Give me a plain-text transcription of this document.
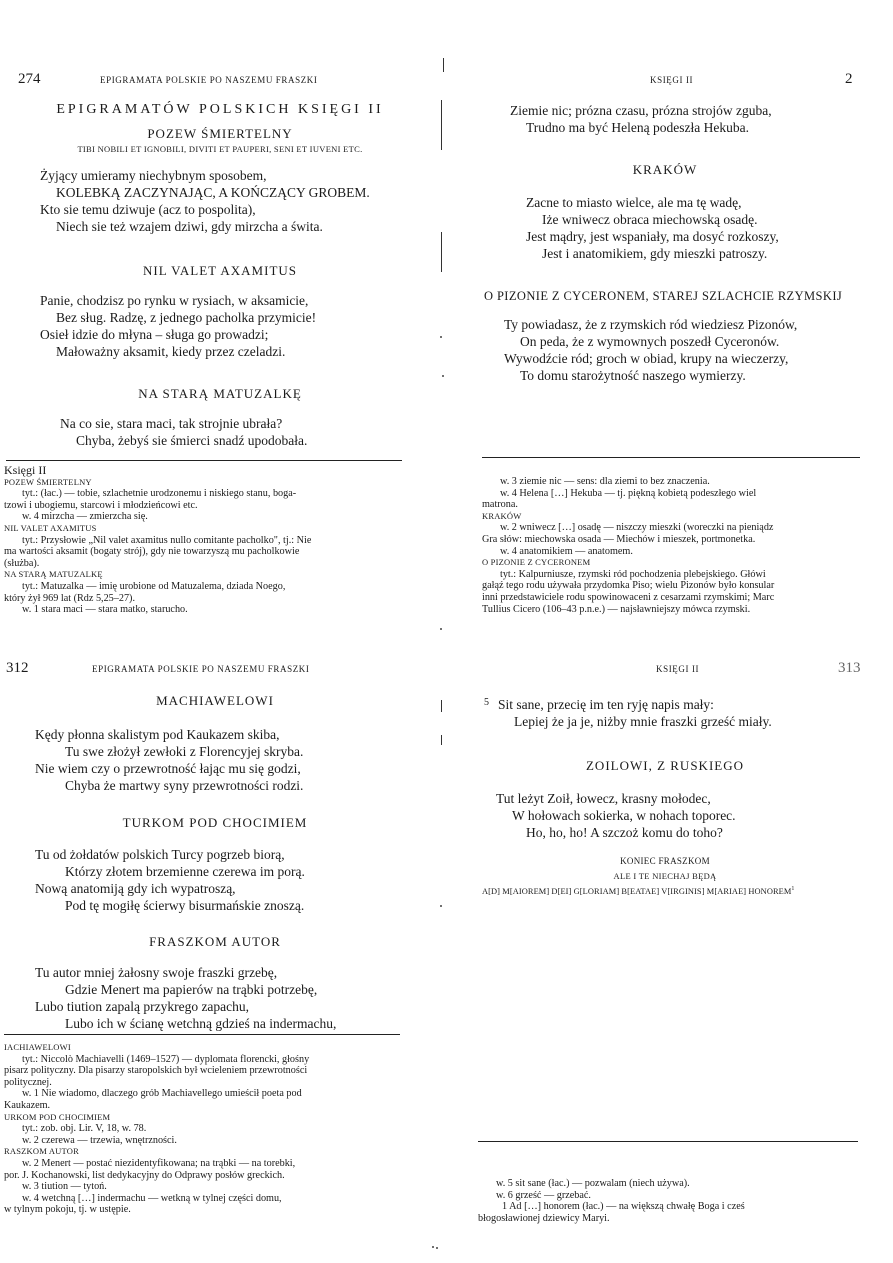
274	EPIGRAMATA POLSKIE PO NASZEMU FRASZKI
EPIGRAMATÓW POLSKICH KSIĘGI II
POZEW ŚMIERTELNY
TIBI NOBILI ET IGNOBILI, DIVITI ET PAUPERI, SENI ET IUVENI ETC.
Żyjący umieramy niechybnym sposobem,
KOLEBKĄ ZACZYNAJĄC, A KOŃCZĄCY GROBEM.
Kto sie temu dziwuje (acz to pospolita),
Niech sie też wzajem dziwi, gdy mirzcha a świta.
NIL VALET AXAMITUS
Panie, chodzisz po rynku w rysiach, w aksamicie,
Bez sług. Radzę, z jednego pacholka przymicie!
Osieł idzie do młyna – sługa go prowadzi;
Małoważny aksamit, kiedy przez czeladzi.
NA STARĄ MATUZALKĘ
Na co sie, stara maci, tak strojnie ubrała?
Chyba, żebyś sie śmierci snadź upodobała.
Księgi II
POZEW ŚMIERTELNY
tyt.: (łac.) — tobie, szlachetnie urodzonemu i niskiego stanu, boga-
tzowi i ubogiemu, starcowi i młodzieńcowi etc.
w. 4 mirzcha — zmierzcha się.
NIL VALET AXAMITUS
tyt.: Przysłowie „Nil valet axamitus nullo comitante pacholko", tj.: Nie
ma wartości aksamit (bogaty strój), gdy nie towarzyszą mu pacholkowie
(służba).
NA STARĄ MATUZALKĘ
tyt.: Matuzalka — imię urobione od Matuzalema, dziada Noego,
który żył 969 lat (Rdz 5,25–27).
w. 1 stara maci — stara matko, starucho.
KSIĘGI II	2
Ziemie nic; prózna czasu, prózna strojów zguba,
Trudno ma być Heleną podeszła Hekuba.
KRAKÓW
Zacne to miasto wielce, ale ma tę wadę,
Iże wniwecz obraca miechowską osadę.
Jest mądry, jest wspaniały, ma dosyć rozkoszy,
Jest i anatomikiem, gdy mieszki patroszy.
O PIZONIE Z CYCERONEM, STAREJ SZLACHCIE RZYMSKIJ
Ty powiadasz, że z rzymskich ród wiedziesz Pizonów,
On peda, że z wymownych poszedł Cyceronów.
Wywodźcie ród; groch w obiad, krupy na wieczerzy,
To domu starożytność naszego wymierzy.
w. 3 ziemie nic — sens: dla ziemi to bez znaczenia.
w. 4 Helena […] Hekuba — tj. piękną kobietą podeszłego wiel
matrona.
KRAKÓW
w. 2 wniwecz […] osadę — niszczy mieszki (woreczki na pieniądz
Gra słów: miechowska osada — Miechów i mieszek, portmonetka.
w. 4 anatomikiem — anatomem.
O PIZONIE Z CYCERONEM
tyt.: Kalpurniusze, rzymski ród pochodzenia plebejskiego. Główi
gałąź tego rodu używała przydomka Piso; wielu Pizonów było konsular
inni przedstawiciele rodu spowinowaceni z cesarzami rzymskimi; Marc
Tullius Cicero (106–43 p.n.e.) — najsławniejszy mówca rzymski.
312	EPIGRAMATA POLSKIE PO NASZEMU FRASZKI
MACHIAWELOWI
Kędy płonna skalistym pod Kaukazem skiba,
Tu swe złożył zewłoki z Florencyjej skryba.
Nie wiem czy o przewrotność łając mu się godzi,
Chyba że martwy syny przewrotności rodzi.
TURKOM POD CHOCIMIEM
Tu od żołdatów polskich Turcy pogrzeb biorą,
Którzy złotem brzemienne czerewa im porą.
Nową anatomiją gdy ich wypatroszą,
Pod tę mogiłę ścierwy bisurmańskie znoszą.
FRASZKOM AUTOR
Tu autor mniej żałosny swoje fraszki grzebę,
Gdzie Menert ma papierów na trąbki potrzebę,
Lubo tiution zapalą przykrego zapachu,
Lubo ich w ścianę wetchną gdzieś na indermachu,
IACHIAWELOWI
tyt.: Niccolò Machiavelli (1469–1527) — dyplomata florencki, głośny
pisarz polityczny. Dla pisarzy staropolskich był wcieleniem przewrotności
politycznej.
w. 1 Nie wiadomo, dlaczego grób Machiavellego umieścił poeta pod
Kaukazem.
URKOM POD CHOCIMIEM
tyt.: zob. obj. Lir. V, 18, w. 78.
w. 2 czerewa — trzewia, wnętrzności.
RASZKOM AUTOR
w. 2 Menert — postać niezidentyfikowana; na trąbki — na torebki,
por. J. Kochanowski, list dedykacyjny do Odprawy posłów greckich.
w. 3 tiution — tytoń.
w. 4 wetchną […] indermachu — wetkną w tylnej części domu,
w tylnym pokoju, tj. w ustępie.
KSIĘGI II	313
5 Sit sane, przecię im ten ryję napis mały:
Lepiej że ja je, niżby mnie fraszki grześć miały.
ZOILOWI, Z RUSKIEGO
Tut leżyt Zoił, łowecz, krasny mołodec,
W hołowach sokierka, w nohach toporec.
Ho, ho, ho! A szczoż komu do toho?
KONIEC FRASZKOM
ALE I TE NIECHAJ BĘDĄ
A[D] M[AIOREM] D[EI] G[LORIAM] B[EATAE] V[IRGINIS] M[ARIAE] HONOREM$^1$
w. 5 sit sane (łac.) — pozwalam (niech używa).
w. 6 grześć — grzebać.
1 Ad […] honorem (łac.) — na większą chwałę Boga i cześ
błogosławionej dziewicy Maryi.
